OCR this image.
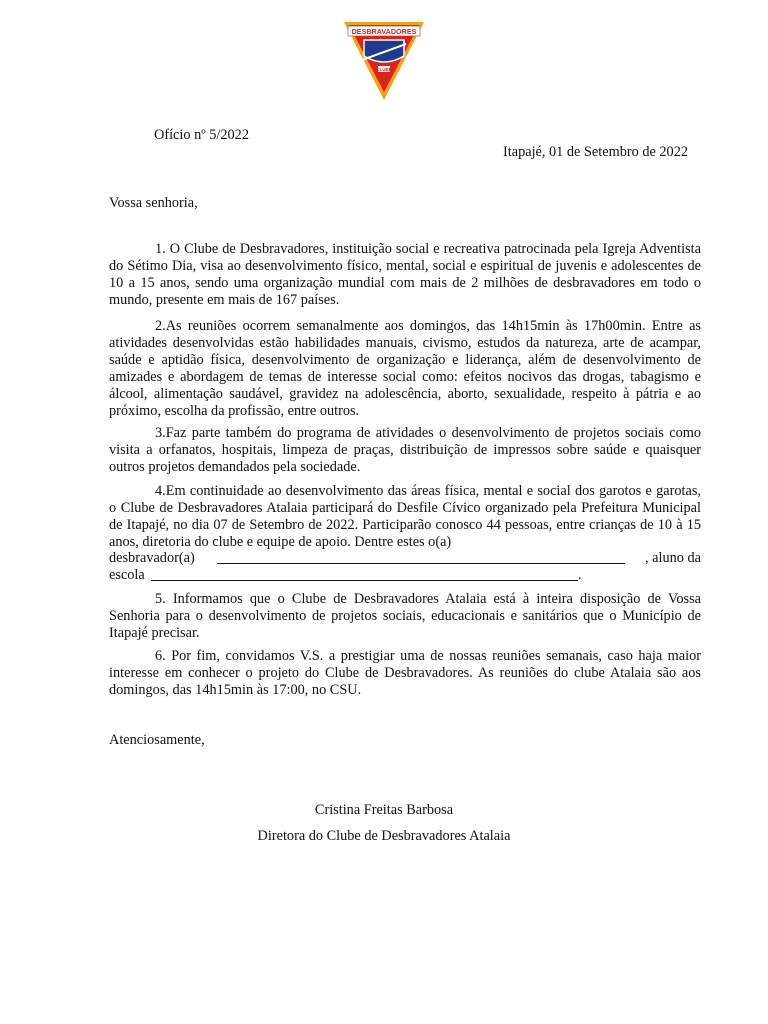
DESBRAVADORES
CLUBE
Ofício nº 5/2022
Itapajé, 01 de Setembro de 2022
Vossa senhoria,

1. O Clube de Desbravadores, instituição social e recreativa patrocinada pela Igreja Adventista do Sétimo Dia, visa ao desenvolvimento físico, mental, social e espiritual de juvenis e adolescentes de 10 a 15 anos, sendo uma organização mundial com mais de 2 milhões de desbravadores em todo o mundo, presente em mais de 167 países.

2.As reuniões ocorrem semanalmente aos domingos, das 14h15min às 17h00min. Entre as atividades desenvolvidas estão habilidades manuais, civismo, estudos da natureza, arte de acampar, saúde e aptidão física, desenvolvimento de organização e liderança, além de desenvolvimento de amizades e abordagem de temas de interesse social como: efeitos nocivos das drogas, tabagismo e álcool, alimentação saudável, gravidez na adolescência, aborto, sexualidade, respeito à pátria e ao próximo, escolha da profissão, entre outros.

3.Faz parte também do programa de atividades o desenvolvimento de projetos sociais como visita a orfanatos, hospitais, limpeza de praças, distribuição de impressos sobre saúde e quaisquer outros projetos demandados pela sociedade.

4.Em continuidade ao desenvolvimento das áreas física, mental e social dos garotos e garotas, o Clube de Desbravadores Atalaia participará do Desfile Cívico organizado pela Prefeitura Municipal de Itapajé, no dia 07 de Setembro de 2022. Participarão conosco 44 pessoas, entre crianças de 10 à 15 anos, diretoria do clube e equipe de apoio. Dentre estes o(a)

desbravador(a)	, aluno da
escola	.

5. Informamos que o Clube de Desbravadores Atalaia está à inteira disposição de Vossa Senhoria para o desenvolvimento de projetos sociais, educacionais e sanitários que o Município de Itapajé precisar.

6. Por fim, convidamos V.S. a prestigiar uma de nossas reuniões semanais, caso haja maior interesse em conhecer o projeto do Clube de Desbravadores. As reuniões do clube Atalaia são aos domingos, das 14h15min às 17:00, no CSU.

Atenciosamente,
Cristina Freitas Barbosa
Diretora do Clube de Desbravadores Atalaia
